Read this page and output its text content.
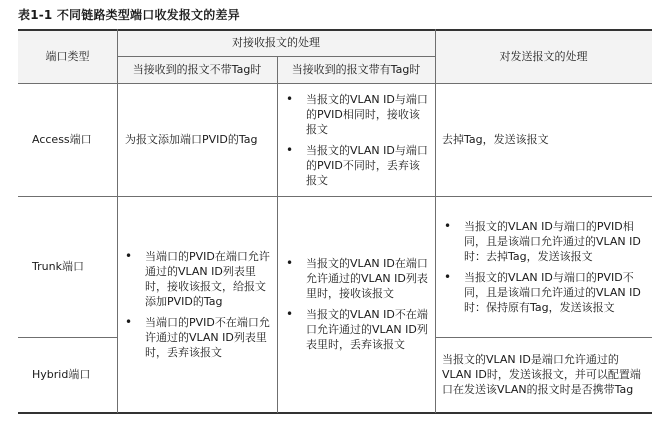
表1-1 不同链路类型端口收发报文的差异
端口类型
对接收报文的处理
当接收到的报文不带Tag时	当接收到的报文带有Tag时
对发送报文的处理
Access端口	为报文添加端口PVID的Tag
• 当报文的VLAN ID与端口的PVID相同时，接收该报文
• 当报文的VLAN ID与端口的PVID不同时，丢弃该报文
去掉Tag，发送该报文
Trunk端口
• 当报文的VLAN ID与端口的PVID相同，且是该端口允许通过的VLAN ID时：去掉Tag，发送该报文
• 当报文的VLAN ID与端口的PVID不同，且是该端口允许通过的VLAN ID时：保持原有Tag，发送该报文
• 当端口的PVID在端口允许通过的VLAN ID列表里时，接收该报文，给报文添加PVID的Tag
• 当端口的PVID不在端口允许通过的VLAN ID列表里时，丢弃该报文
• 当报文的VLAN ID在端口允许通过的VLAN ID列表里时，接收该报文
• 当报文的VLAN ID不在端口允许通过的VLAN ID列表里时，丢弃该报文
Hybrid端口
当报文的VLAN ID是端口允许通过的VLAN ID时，发送该报文，并可以配置端口在发送该VLAN的报文时是否携带Tag
